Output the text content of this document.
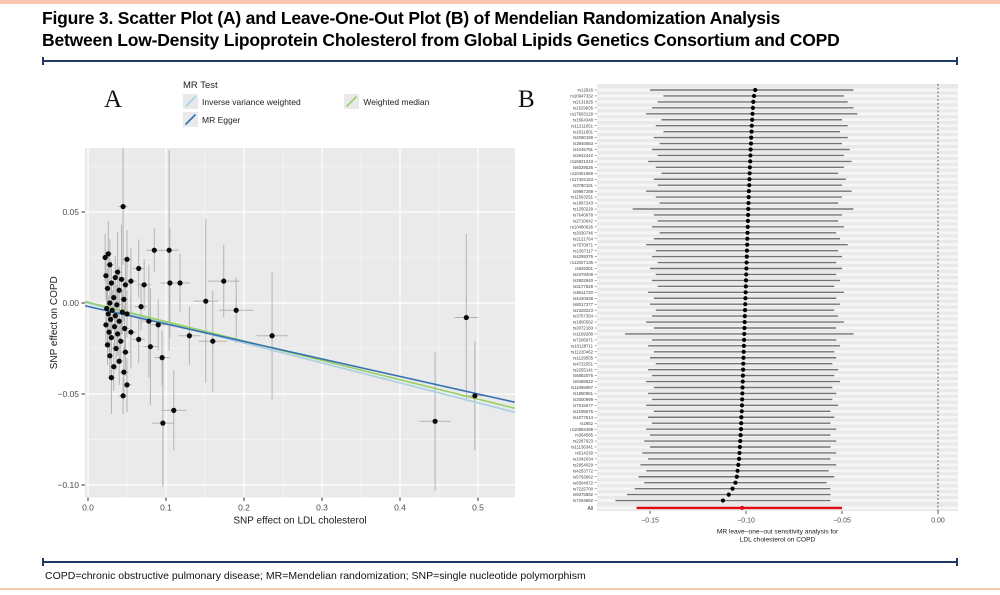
Figure 3. Scatter Plot (A) and Leave-One-Out Plot (B) of Mendelian Randomization Analysis
Between Low-Density Lipoprotein Cholesterol from Global Lipids Genetics Consortium and COPD
A
MR Test
Inverse variance weighted
MR Egger
Weighted median
0.05
0.00
−0.05
−0.10
0.0	0.1	0.2	0.3	0.4	0.5
SNP effect on LDL cholesterol
SNP effect on COPD
B	rs12916
rs10947332
rs2131925
rs1529935
rs17603129
rs1564348
rs11211651
rs1611801
rs2290159
rs3846663
rs4245791
rs2642442
rs16831243
rs6029526
rs10401969
rs17404153
rs3780181
rs9987289
rs11563251
rs1997243
rs1250229
rs7640978
rs2710642
rs10490626
rs2030746
rs2121764
rs7570971
rs1367117
rs4299376
rs12027135
rs629301
rs2479409
rs2902940
rs3177928
rs6511720
rs4420638
rs8017377
rs2328223
rs3757354
rs1800562
rs2072183
rs1169288
rs7206971
rs10128711
rs11220462
rs1129555
rs4722551
rs2255141
rs6882076
rs9488822
rs11065987
rs1800961
rs2000999
rs7515577
rs2195675
rs1077514
rs2952
rs10893499
rs364585
rs2287623
rs11136341
rs514230
rs1042034
rs2954029
rs4253772
rs5763662
rs6504872
rs7225700
rs9375882
rs7254892
All
−0.15	−0.10	−0.05	0.00
MR leave−one−out sensitivity analysis for
LDL cholesterol on COPD
COPD=chronic obstructive pulmonary disease; MR=Mendelian randomization; SNP=single nucleotide polymorphism
